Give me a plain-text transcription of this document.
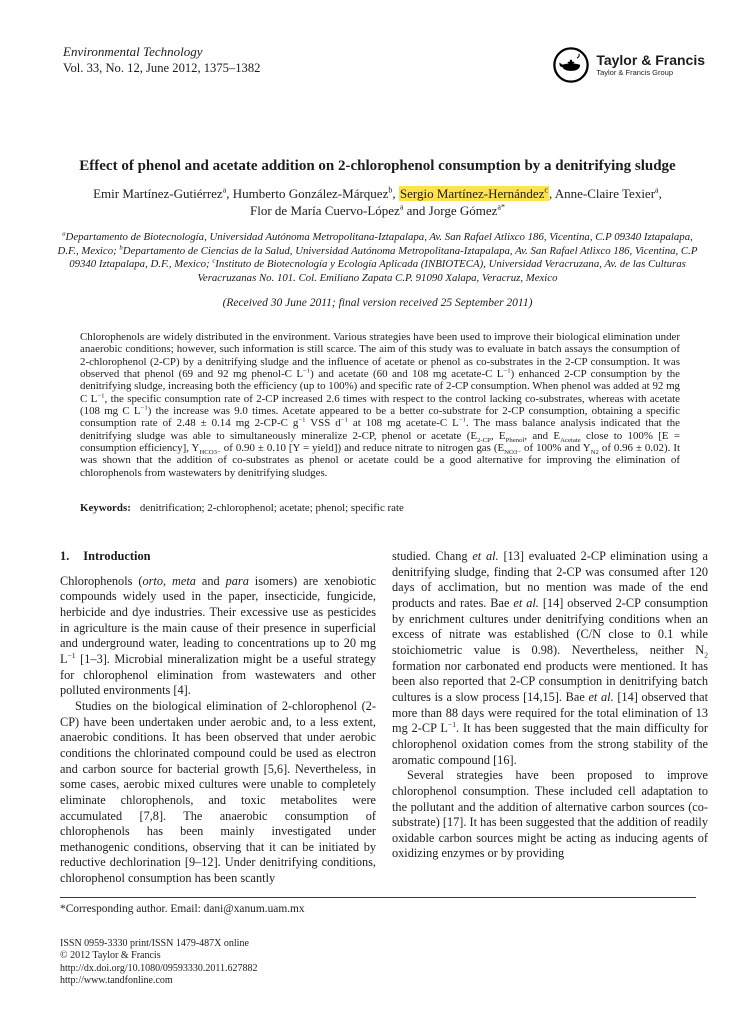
Environmental Technology
Vol. 33, No. 12, June 2012, 1375–1382	Taylor & Francis
Taylor & Francis Group
Effect of phenol and acetate addition on 2-chlorophenol consumption by a denitrifying sludge
Emir Martínez-Gutiérrez$^a$, Humberto González-Márquez$^b$, Sergio Martínez-Hernández$^c$, Anne-Claire Texier$^a$,
Flor de María Cuervo-López$^a$ and Jorge Gómez$^{a*}$
$^a$Departamento de Biotecnología, Universidad Autónoma Metropolitana-Iztapalapa, Av. San Rafael Atlixco 186, Vicentina, C.P 09340 Iztapalapa, D.F., Mexico; $^b$Departamento de Ciencias de la Salud, Universidad Autónoma Metropolitana-Iztapalapa, Av. San Rafael Atlixco 186, Vicentina, C.P 09340 Iztapalapa, D.F., Mexico; $^c$Instituto de Biotecnología y Ecología Aplicada (INBIOTECA), Universidad Veracruzana, Av. de las Culturas Veracruzanas No. 101. Col. Emiliano Zapata C.P. 91090 Xalapa, Veracruz, Mexico
(Received 30 June 2011; final version received 25 September 2011)
Chlorophenols are widely distributed in the environment. Various strategies have been used to improve their biological elimination under anaerobic conditions; however, such information is still scarce. The aim of this study was to evaluate in batch assays the consumption of 2-chlorophenol (2-CP) by a denitrifying sludge and the influence of acetate or phenol as co-substrates in the 2-CP consumption. It was observed that phenol (69 and 92 mg phenol-C $L^{-1}$) and acetate (60 and 108 mg acetate-C $L^{-1}$) enhanced 2-CP consumption by the denitrifying sludge, increasing both the efficiency (up to 100%) and specific rate of 2-CP consumption. When phenol was added at 92 mg C $L^{-1}$, the specific consumption rate of 2-CP increased 2.6 times with respect to the control lacking co-substrates, whereas with acetate (108 mg C $L^{-1}$) the increase was 9.0 times. Acetate appeared to be a better co-substrate for 2-CP consumption, obtaining a specific consumption rate of 2.48 ± 0.14 mg 2-CP-C $g^{-1}$ VSS $d^{-1}$ at 108 mg acetate-C $L^{-1}$. The mass balance analysis indicated that the denitrifying sludge was able to simultaneously mineralize 2-CP, phenol or acetate ($E_{2-CP}$, $E_{Phenol}$, and $E_{Acetate}$ close to 100% [E = consumption efficiency], $Y_{HCO3-}$ of 0.90 ± 0.10 [Y = yield]) and reduce nitrate to nitrogen gas ($E_{NO3-}$ of 100% and $Y_{N2}$ of 0.96 ± 0.02). It was shown that the addition of co-substrates as phenol or acetate could be a good alternative for improving the elimination of chlorophenols from wastewaters by denitrifying sludges.
Keywords: denitrification; 2-chlorophenol; acetate; phenol; specific rate
1. Introduction

Chlorophenols (orto, meta and para isomers) are xenobiotic compounds widely used in the paper, insecticide, fungicide, herbicide and dye industries. Their excessive use as pesticides in agriculture is the main cause of their presence in superficial and underground water, leading to concentrations up to 20 mg $L^{-1}$ [1–3]. Microbial mineralization might be a useful strategy for chlorophenol elimination from wastewaters and other polluted environments [4].

Studies on the biological elimination of 2-chlorophenol (2-CP) have been undertaken under aerobic and, to a less extent, anaerobic conditions. It has been observed that under aerobic conditions the chlorinated compound could be used as electron and carbon source for bacterial growth [5,6]. Nevertheless, in some cases, aerobic mixed cultures were unable to completely eliminate chlorophenols, and toxic metabolites were accumulated [7,8]. The anaerobic consumption of chlorophenols has been mainly investigated under methanogenic conditions, observing that it can be initiated by reductive dechlorination [9–12]. Under denitrifying conditions, chlorophenol consumption has been scantly

studied. Chang et al. [13] evaluated 2-CP elimination using a denitrifying sludge, finding that 2-CP was consumed after 120 days of acclimation, but no mention was made of the end products and rates. Bae et al. [14] observed 2-CP consumption by enrichment cultures under denitrifying conditions when an excess of nitrate was established (C/N close to 0.1 while stoichiometric value is 0.98). Nevertheless, neither $N_2$ formation nor carbonated end products were mentioned. It has been also reported that 2-CP consumption in denitrifying batch cultures is a slow process [14,15]. Bae et al. [14] observed that more than 88 days were required for the total elimination of 13 mg 2-CP $L^{-1}$. It has been suggested that the main difficulty for chlorophenol oxidation comes from the strong stability of the aromatic compound [16].

Several strategies have been proposed to improve chlorophenol consumption. These included cell adaptation to the pollutant and the addition of alternative carbon sources (co-substrate) [17]. It has been suggested that the addition of readily oxidable carbon sources might be acting as inducing agents of oxidizing enzymes or by providing

*Corresponding author. Email: dani@xanum.uam.mx
ISSN 0959-3330 print/ISSN 1479-487X online
© 2012 Taylor & Francis
http://dx.doi.org/10.1080/09593330.2011.627882
http://www.tandfonline.com
